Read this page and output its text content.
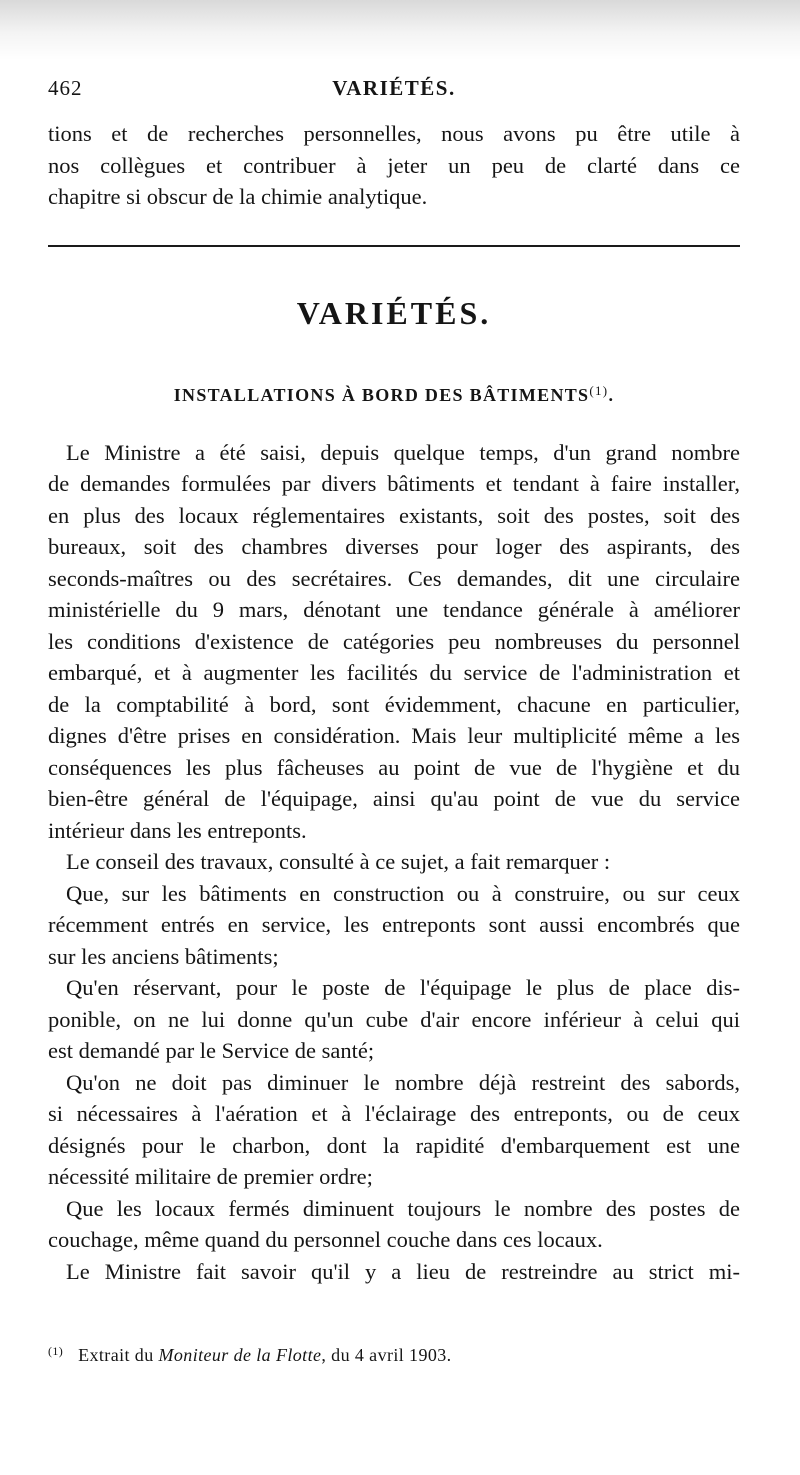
462	VARIÉTÉS.
tions et de recherches personnelles, nous avons pu être utile à
nos collègues et contribuer à jeter un peu de clarté dans ce
chapitre si obscur de la chimie analytique.
VARIÉTÉS.
INSTALLATIONS À BORD DES BÂTIMENTS$^{(1)}$.
Le Ministre a été saisi, depuis quelque temps, d'un grand nombre
de demandes formulées par divers bâtiments et tendant à faire installer,
en plus des locaux réglementaires existants, soit des postes, soit des
bureaux, soit des chambres diverses pour loger des aspirants, des
seconds-maîtres ou des secrétaires. Ces demandes, dit une circulaire
ministérielle du 9 mars, dénotant une tendance générale à améliorer
les conditions d'existence de catégories peu nombreuses du personnel
embarqué, et à augmenter les facilités du service de l'administration et
de la comptabilité à bord, sont évidemment, chacune en particulier,
dignes d'être prises en considération. Mais leur multiplicité même a les
conséquences les plus fâcheuses au point de vue de l'hygiène et du
bien-être général de l'équipage, ainsi qu'au point de vue du service
intérieur dans les entreponts.
Le conseil des travaux, consulté à ce sujet, a fait remarquer :
Que, sur les bâtiments en construction ou à construire, ou sur ceux
récemment entrés en service, les entreponts sont aussi encombrés que
sur les anciens bâtiments;
Qu'en réservant, pour le poste de l'équipage le plus de place dis-
ponible, on ne lui donne qu'un cube d'air encore inférieur à celui qui
est demandé par le Service de santé;
Qu'on ne doit pas diminuer le nombre déjà restreint des sabords,
si nécessaires à l'aération et à l'éclairage des entreponts, ou de ceux
désignés pour le charbon, dont la rapidité d'embarquement est une
nécessité militaire de premier ordre;
Que les locaux fermés diminuent toujours le nombre des postes de
couchage, même quand du personnel couche dans ces locaux.
Le Ministre fait savoir qu'il y a lieu de restreindre au strict mi-
$^{(1)}$ Extrait du Moniteur de la Flotte, du 4 avril 1903.
